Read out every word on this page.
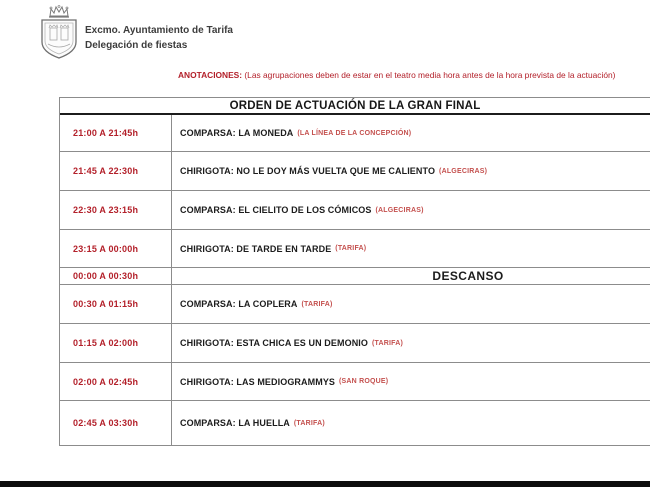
Excmo. Ayuntamiento de Tarifa
Delegación de fiestas
ANOTACIONES: (Las agrupaciones deben de estar en el teatro media hora antes de la hora prevista de la actuación)
ORDEN DE ACTUACIÓN DE LA GRAN FINAL
21:00 A 21:45h	COMPARSA: LA MONEDA (LA LÍNEA DE LA CONCEPCIÓN)
21:45 A 22:30h	CHIRIGOTA: NO LE DOY MÁS VUELTA QUE ME CALIENTO (ALGECIRAS)
22:30 A 23:15h	COMPARSA: EL CIELITO DE LOS CÓMICOS (ALGECIRAS)
23:15 A 00:00h	CHIRIGOTA: DE TARDE EN TARDE (TARIFA)
00:00 A 00:30h	DESCANSO
00:30 A 01:15h	COMPARSA: LA COPLERA (TARIFA)
01:15 A 02:00h	CHIRIGOTA: ESTA CHICA ES UN DEMONIO (TARIFA)
02:00 A 02:45h	CHIRIGOTA: LAS MEDIOGRAMMYS (SAN ROQUE)
02:45 A 03:30h	COMPARSA: LA HUELLA (TARIFA)
